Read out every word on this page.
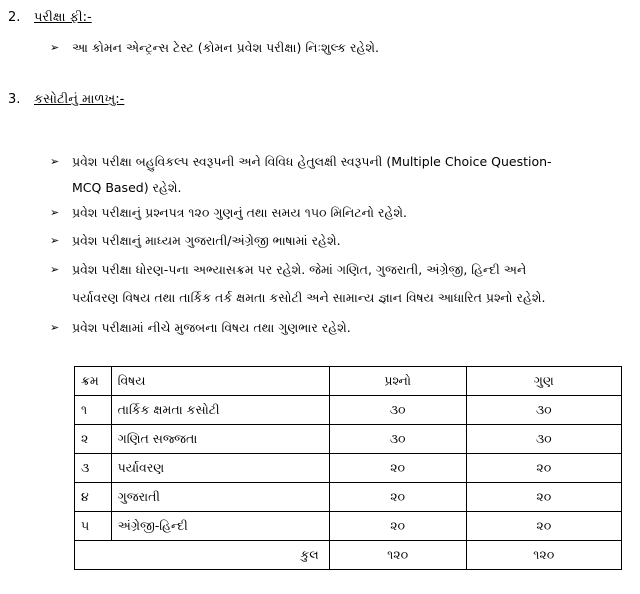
2.	પરીક્ષા ફી:-
➢	આ કોમન એન્ટ્રન્સ ટેસ્ટ (કોમન પ્રવેશ પરીક્ષા) નિઃશુલ્ક રહેશે.
3.	કસોટીનું માળખુ:-
➢	પ્રવેશ પરીક્ષા બહુવિકલ્પ સ્વરૂપની અને વિવિધ હેતુલક્ષી સ્વરૂપની (Multiple Choice Question-
MCQ Based) રહેશે.
➢	પ્રવેશ પરીક્ષાનું પ્રશ્નપત્ર ૧૨૦ ગુણનું તથા સમય ૧૫૦ મિનિટનો રહેશે.
➢	પ્રવેશ પરીક્ષાનું માધ્યમ ગુજરાતી/અંગ્રેજી ભાષામાં રહેશે.
➢	પ્રવેશ પરીક્ષા ધોરણ-૫ના અભ્યાસક્રમ પર રહેશે. જેમાં ગણિત, ગુજરાતી, અંગ્રેજી, હિન્દી અને
પર્યાવરણ વિષય તથા તાર્કિક તર્ક ક્ષમતા કસોટી અને સામાન્ય જ્ઞાન વિષય આધારિત પ્રશ્નો રહેશે.
➢	પ્રવેશ પરીક્ષામાં નીચે મુજબના વિષય તથા ગુણભાર રહેશે.
ક્રમ	વિષય	પ્રશ્નો	ગુણ
૧	તાર્કિક ક્ષમતા કસોટી	૩૦	૩૦
૨	ગણિત સજ્જતા	૩૦	૩૦
૩	પર્યાવરણ	૨૦	૨૦
૪	ગુજરાતી	૨૦	૨૦
૫	અંગ્રેજી-હિન્દી	૨૦	૨૦
કુલ		૧૨૦	૧૨૦
